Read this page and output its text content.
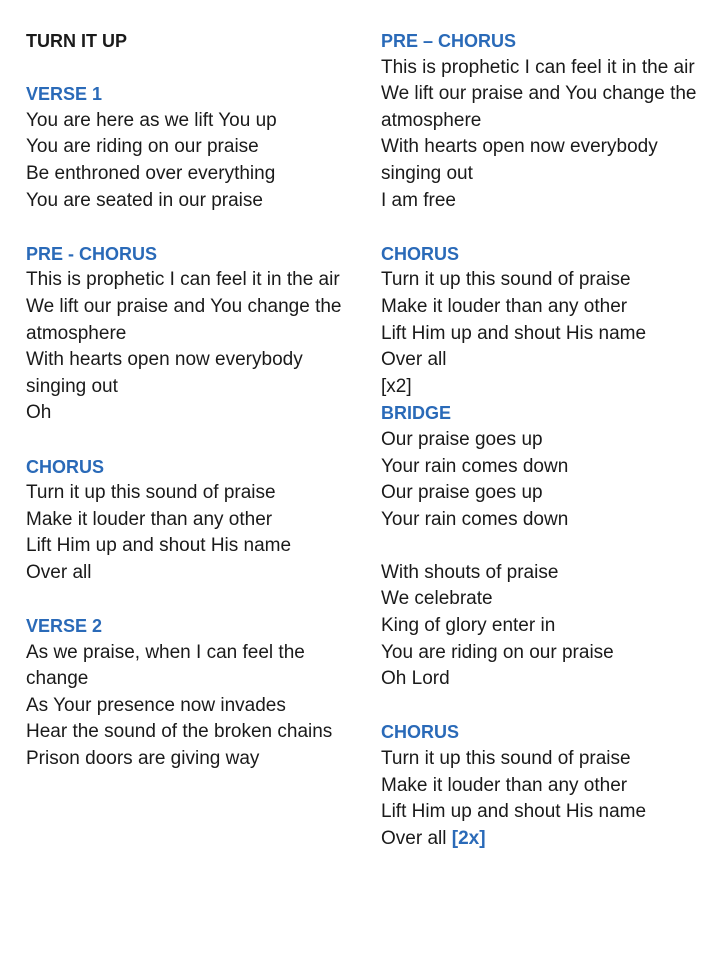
TURN IT UP
VERSE 1
You are here as we lift You up
You are riding on our praise
Be enthroned over everything
You are seated in our praise
PRE - CHORUS
This is prophetic I can feel it in the air
We lift our praise and You change the
atmosphere
With hearts open now everybody
singing out
Oh
CHORUS
Turn it up this sound of praise
Make it louder than any other
Lift Him up and shout His name
Over all
VERSE 2
As we praise, when I can feel the
change
As Your presence now invades
Hear the sound of the broken chains
Prison doors are giving way
PRE – CHORUS
This is prophetic I can feel it in the air
We lift our praise and You change the
atmosphere
With hearts open now everybody
singing out
I am free
CHORUS
Turn it up this sound of praise
Make it louder than any other
Lift Him up and shout His name
Over all
[x2]
BRIDGE
Our praise goes up
Your rain comes down
Our praise goes up
Your rain comes down
With shouts of praise
We celebrate
King of glory enter in
You are riding on our praise
Oh Lord
CHORUS
Turn it up this sound of praise
Make it louder than any other
Lift Him up and shout His name
Over all [2x]
